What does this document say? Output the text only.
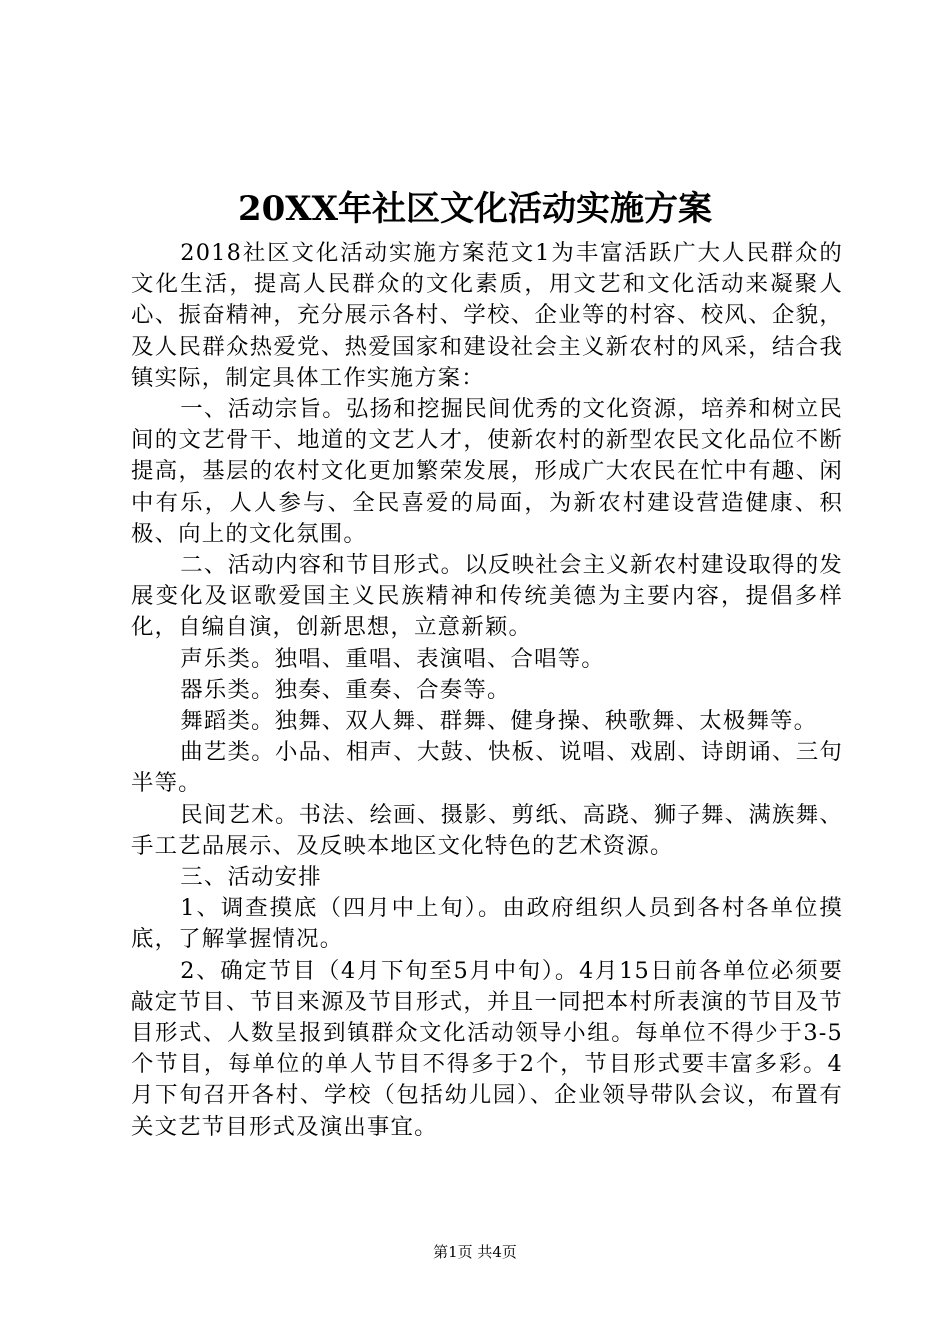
20XX年社区文化活动实施方案

2018社区文化活动实施方案范文1为丰富活跃广大人民群众的文化生活，提高人民群众的文化素质，用文艺和文化活动来凝聚人心、振奋精神，充分展示各村、学校、企业等的村容、校风、企貌，及人民群众热爱党、热爱国家和建设社会主义新农村的风采，结合我镇实际，制定具体工作实施方案：

一、活动宗旨。弘扬和挖掘民间优秀的文化资源，培养和树立民间的文艺骨干、地道的文艺人才，使新农村的新型农民文化品位不断提高，基层的农村文化更加繁荣发展，形成广大农民在忙中有趣、闲中有乐，人人参与、全民喜爱的局面，为新农村建设营造健康、积极、向上的文化氛围。

二、活动内容和节目形式。以反映社会主义新农村建设取得的发展变化及讴歌爱国主义民族精神和传统美德为主要内容，提倡多样化，自编自演，创新思想，立意新颖。

声乐类。独唱、重唱、表演唱、合唱等。

器乐类。独奏、重奏、合奏等。

舞蹈类。独舞、双人舞、群舞、健身操、秧歌舞、太极舞等。

曲艺类。小品、相声、大鼓、快板、说唱、戏剧、诗朗诵、三句半等。

民间艺术。书法、绘画、摄影、剪纸、高跷、狮子舞、满族舞、手工艺品展示、及反映本地区文化特色的艺术资源。

三、活动安排

1、调查摸底（四月中上旬）。由政府组织人员到各村各单位摸底，了解掌握情况。

2、确定节目（4月下旬至5月中旬）。4月15日前各单位必须要敲定节目、节目来源及节目形式，并且一同把本村所表演的节目及节目形式、人数呈报到镇群众文化活动领导小组。每单位不得少于3-5个节目，每单位的单人节目不得多于2个，节目形式要丰富多彩。4月下旬召开各村、学校（包括幼儿园）、企业领导带队会议，布置有关文艺节目形式及演出事宜。

第1页 共4页
